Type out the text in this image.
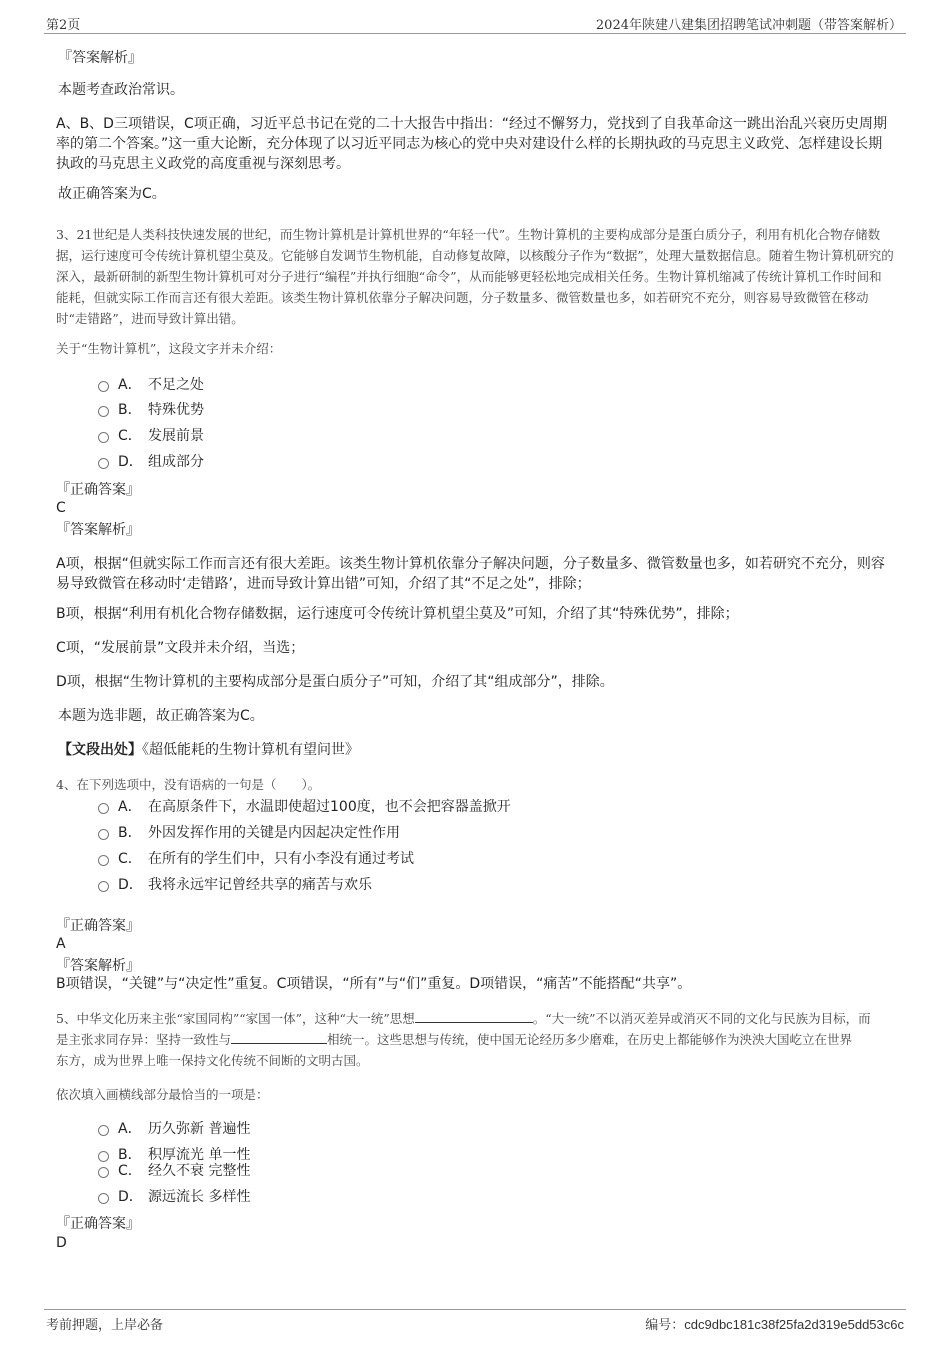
第2页	2024年陕建八建集团招聘笔试冲刺题（带答案解析）
『答案解析』
本题考查政治常识。
A、B、D三项错误，C项正确，习近平总书记在党的二十大报告中指出：“经过不懈努力，党找到了自我革命这一跳出治乱兴衰历史周期率的第二个答案。”这一重大论断，充分体现了以习近平同志为核心的党中央对建设什么样的长期执政的马克思主义政党、怎样建设长期执政的马克思主义政党的高度重视与深刻思考。
故正确答案为C。
3、21世纪是人类科技快速发展的世纪，而生物计算机是计算机世界的“年轻一代”。生物计算机的主要构成部分是蛋白质分子，利用有机化合物存储数据，运行速度可令传统计算机望尘莫及。它能够自发调节生物机能，自动修复故障，以核酸分子作为“数据”，处理大量数据信息。随着生物计算机研究的深入，最新研制的新型生物计算机可对分子进行“编程”并执行细胞“命令”，从而能够更轻松地完成相关任务。生物计算机缩减了传统计算机工作时间和能耗，但就实际工作而言还有很大差距。该类生物计算机依靠分子解决问题，分子数量多、微管数量也多，如若研究不充分，则容易导致微管在移动时“走错路”，进而导致计算出错。
关于“生物计算机”，这段文字并未介绍：
A． 不足之处
B． 特殊优势
C． 发展前景
D． 组成部分
『正确答案』
C
『答案解析』
A项，根据“但就实际工作而言还有很大差距。该类生物计算机依靠分子解决问题，分子数量多、微管数量也多，如若研究不充分，则容易导致微管在移动时‘走错路’，进而导致计算出错”可知，介绍了其“不足之处”，排除；
B项，根据“利用有机化合物存储数据，运行速度可令传统计算机望尘莫及”可知，介绍了其“特殊优势”，排除；
C项，“发展前景”文段并未介绍，当选；
D项，根据“生物计算机的主要构成部分是蛋白质分子”可知，介绍了其“组成部分”，排除。
本题为选非题，故正确答案为C。
【文段出处】《超低能耗的生物计算机有望问世》
4、在下列选项中，没有语病的一句是（　　）。
A． 在高原条件下，水温即使超过100度，也不会把容器盖掀开
B． 外因发挥作用的关键是内因起决定性作用
C． 在所有的学生们中，只有小李没有通过考试
D． 我将永远牢记曾经共享的痛苦与欢乐
『正确答案』
A
『答案解析』
B项错误，“关键”与“决定性”重复。C项错误，“所有”与“们”重复。D项错误，“痛苦”不能搭配“共享”。
5、中华文化历来主张“家国同构”“家国一体”，这种“大一统”思想	。“大一统”不以消灭差异或消灭不同的文化与民族为目标，而
是主张求同存异：坚持一致性与	相统一。这些思想与传统，使中国无论经历多少磨难，在历史上都能够作为泱泱大国屹立在世界
东方，成为世界上唯一保持文化传统不间断的文明古国。
依次填入画横线部分最恰当的一项是：
A． 历久弥新 普遍性
B． 积厚流光 单一性
C． 经久不衰 完整性
D． 源远流长 多样性
『正确答案』
D
考前押题，上岸必备	编号：cdc9dbc181c38f25fa2d319e5dd53c6c
